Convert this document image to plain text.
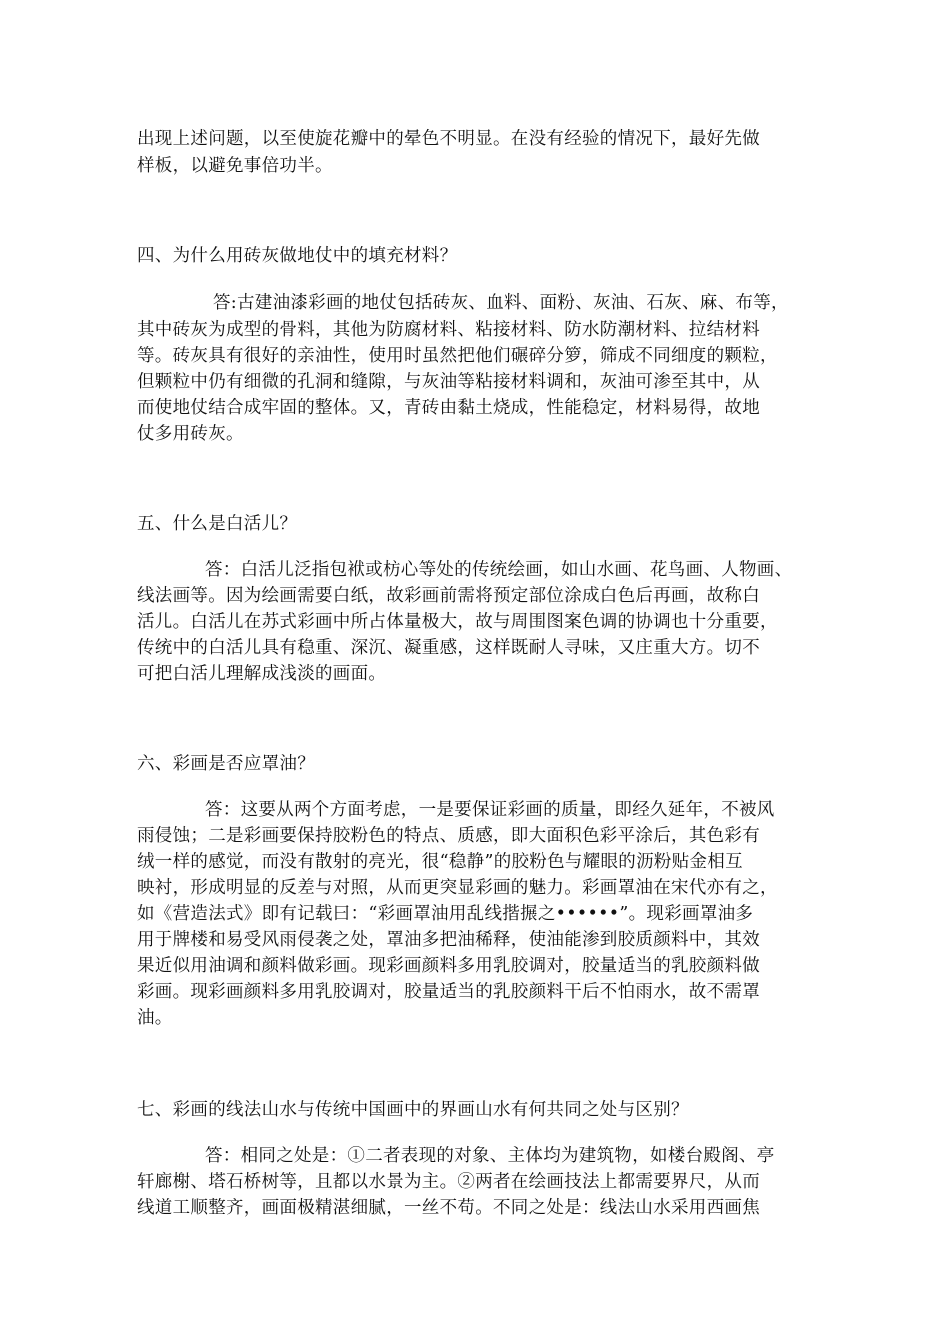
出现上述问题，以至使旋花瓣中的晕色不明显。在没有经验的情况下，最好先做
样板，以避免事倍功半。
四、为什么用砖灰做地仗中的填充材料？
答:古建油漆彩画的地仗包括砖灰、血料、面粉、灰油、石灰、麻、布等，
其中砖灰为成型的骨料，其他为防腐材料、粘接材料、防水防潮材料、拉结材料
等。砖灰具有很好的亲油性，使用时虽然把他们碾碎分箩，筛成不同细度的颗粒，
但颗粒中仍有细微的孔洞和缝隙，与灰油等粘接材料调和，灰油可渗至其中，从
而使地仗结合成牢固的整体。又，青砖由黏土烧成，性能稳定，材料易得，故地
仗多用砖灰。
五、什么是白活儿？
答：白活儿泛指包袱或枋心等处的传统绘画，如山水画、花鸟画、人物画、
线法画等。因为绘画需要白纸，故彩画前需将预定部位涂成白色后再画，故称白
活儿。白活儿在苏式彩画中所占体量极大，故与周围图案色调的协调也十分重要，
传统中的白活儿具有稳重、深沉、凝重感，这样既耐人寻味，又庄重大方。切不
可把白活儿理解成浅淡的画面。
六、彩画是否应罩油？
答：这要从两个方面考虑，一是要保证彩画的质量，即经久延年，不被风
雨侵蚀；二是彩画要保持胶粉色的特点、质感，即大面积色彩平涂后，其色彩有
绒一样的感觉，而没有散射的亮光，很“稳静”的胶粉色与耀眼的沥粉贴金相互
映衬，形成明显的反差与对照，从而更突显彩画的魅力。彩画罩油在宋代亦有之，
如《营造法式》即有记载曰：“彩画罩油用乱线揩搌之••••••”。现彩画罩油多
用于牌楼和易受风雨侵袭之处，罩油多把油稀释，使油能渗到胶质颜料中，其效
果近似用油调和颜料做彩画。现彩画颜料多用乳胶调对，胶量适当的乳胶颜料做
彩画。现彩画颜料多用乳胶调对，胶量适当的乳胶颜料干后不怕雨水，故不需罩
油。
七、彩画的线法山水与传统中国画中的界画山水有何共同之处与区别？
答：相同之处是：①二者表现的对象、主体均为建筑物，如楼台殿阁、亭
轩廊榭、塔石桥树等，且都以水景为主。②两者在绘画技法上都需要界尺，从而
线道工顺整齐，画面极精湛细腻，一丝不苟。不同之处是：线法山水采用西画焦
